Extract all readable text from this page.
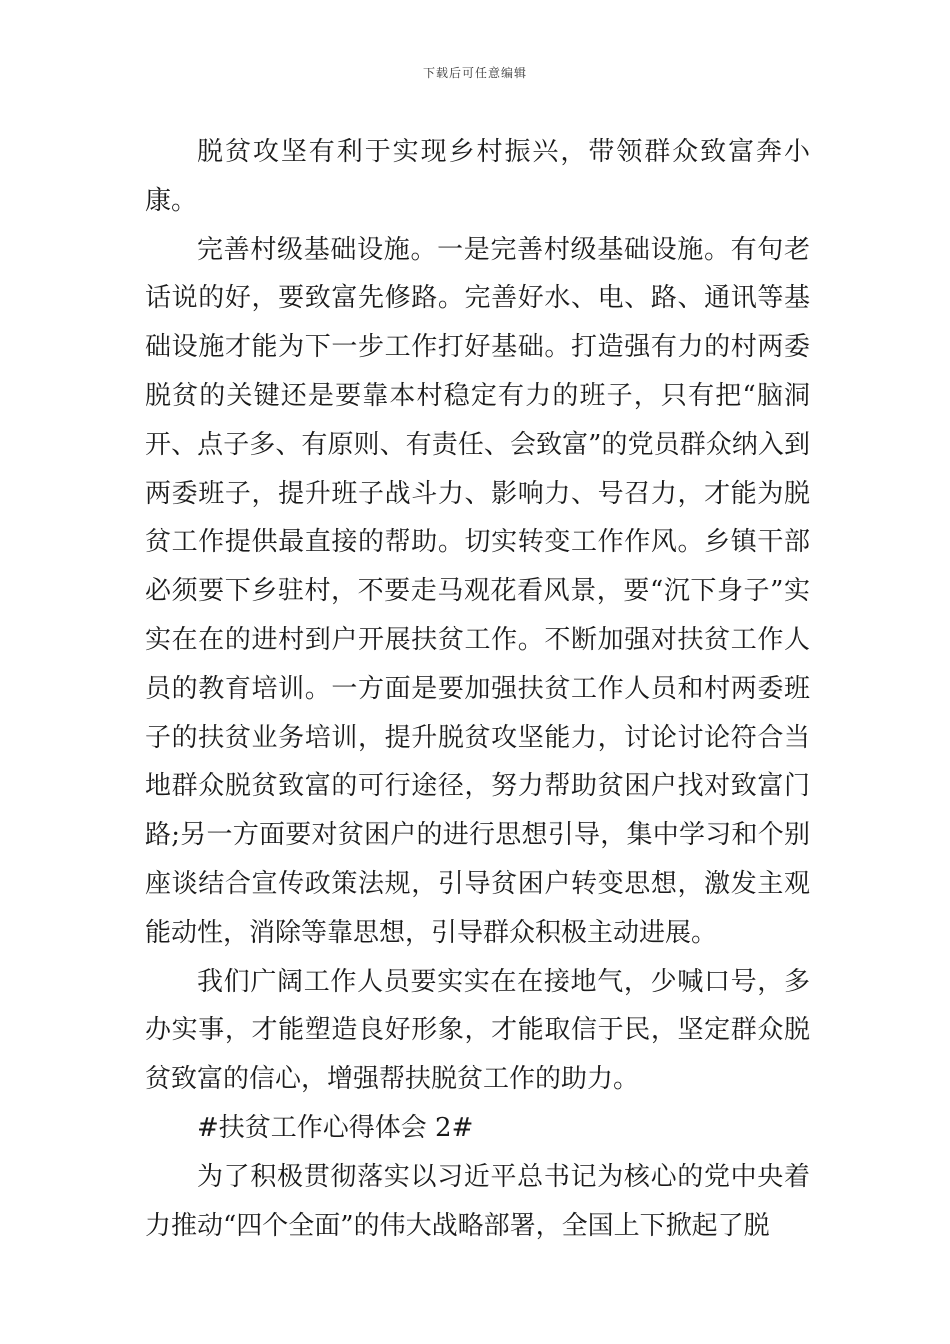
下载后可任意编辑

脱贫攻坚有利于实现乡村振兴，带领群众致富奔小康。

完善村级基础设施。一是完善村级基础设施。有句老话说的好，要致富先修路。完善好水、电、路、通讯等基础设施才能为下一步工作打好基础。打造强有力的村两委脱贫的关键还是要靠本村稳定有力的班子，只有把“脑洞开、点子多、有原则、有责任、会致富”的党员群众纳入到两委班子，提升班子战斗力、影响力、号召力，才能为脱贫工作提供最直接的帮助。切实转变工作作风。乡镇干部必须要下乡驻村，不要走马观花看风景，要“沉下身子”实实在在的进村到户开展扶贫工作。不断加强对扶贫工作人员的教育培训。一方面是要加强扶贫工作人员和村两委班子的扶贫业务培训，提升脱贫攻坚能力，讨论讨论符合当地群众脱贫致富的可行途径，努力帮助贫困户找对致富门路;另一方面要对贫困户的进行思想引导，集中学习和个别座谈结合宣传政策法规，引导贫困户转变思想，激发主观能动性，消除等靠思想，引导群众积极主动进展。

我们广阔工作人员要实实在在接地气，少喊口号，多办实事，才能塑造良好形象，才能取信于民，坚定群众脱贫致富的信心，增强帮扶脱贫工作的助力。

#扶贫工作心得体会 2#

为了积极贯彻落实以习近平总书记为核心的党中央着力推动“四个全面”的伟大战略部署，全国上下掀起了脱
